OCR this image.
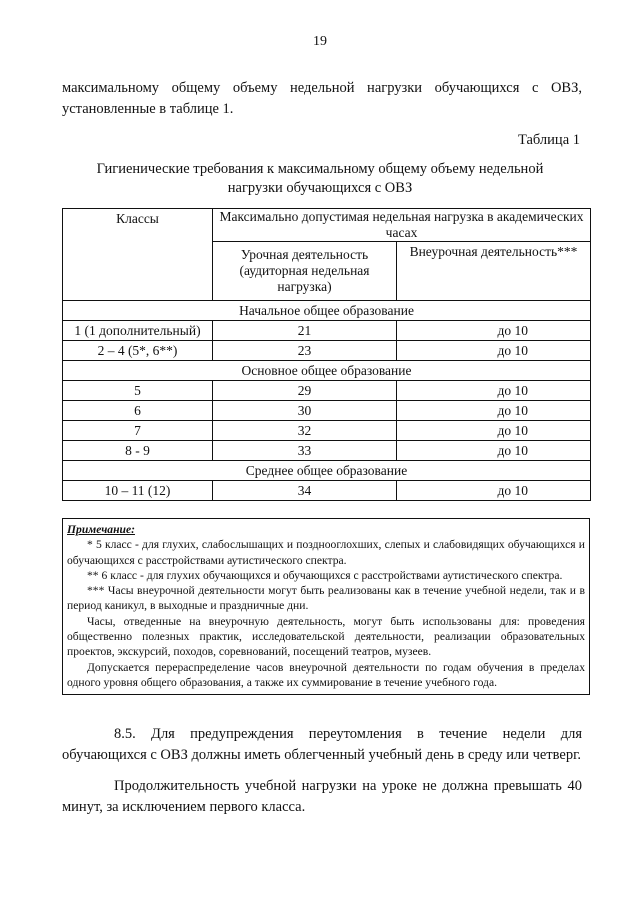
19
максимальному общему объему недельной нагрузки обучающихся с ОВЗ, установленные в таблице 1.
Таблица 1
Гигиенические требования к максимальному общему объему недельной нагрузки обучающихся с ОВЗ
Классы	Максимально допустимая недельная нагрузка в академических часах	
	Урочная деятельность (аудиторная недельная нагрузка)	Внеурочная деятельность***
Начальное общее образование		
1 (1 дополнительный)	21	до 10
2 – 4 (5*, 6**)	23	до 10
Основное общее образование		
5	29	до 10
6	30	до 10
7	32	до 10
8 - 9	33	до 10
Среднее общее образование		
10 – 11 (12)	34	до 10
Примечание:

* 5 класс - для глухих, слабослышащих и позднооглохших, слепых и слабовидящих обучающихся и обучающихся с расстройствами аутистического спектра.

** 6 класс - для глухих обучающихся и обучающихся с расстройствами аутистического спектра.

*** Часы внеурочной деятельности могут быть реализованы как в течение учебной недели, так и в период каникул, в выходные и праздничные дни.

Часы, отведенные на внеурочную деятельность, могут быть использованы для: проведения общественно полезных практик, исследовательской деятельности, реализации образовательных проектов, экскурсий, походов, соревнований, посещений театров, музеев.

Допускается перераспределение часов внеурочной деятельности по годам обучения в пределах одного уровня общего образования, а также их суммирование в течение учебного года.

8.5. Для предупреждения переутомления в течение недели для обучающихся с ОВЗ должны иметь облегченный учебный день в среду или четверг.
Продолжительность учебной нагрузки на уроке не должна превышать 40 минут, за исключением первого класса.
